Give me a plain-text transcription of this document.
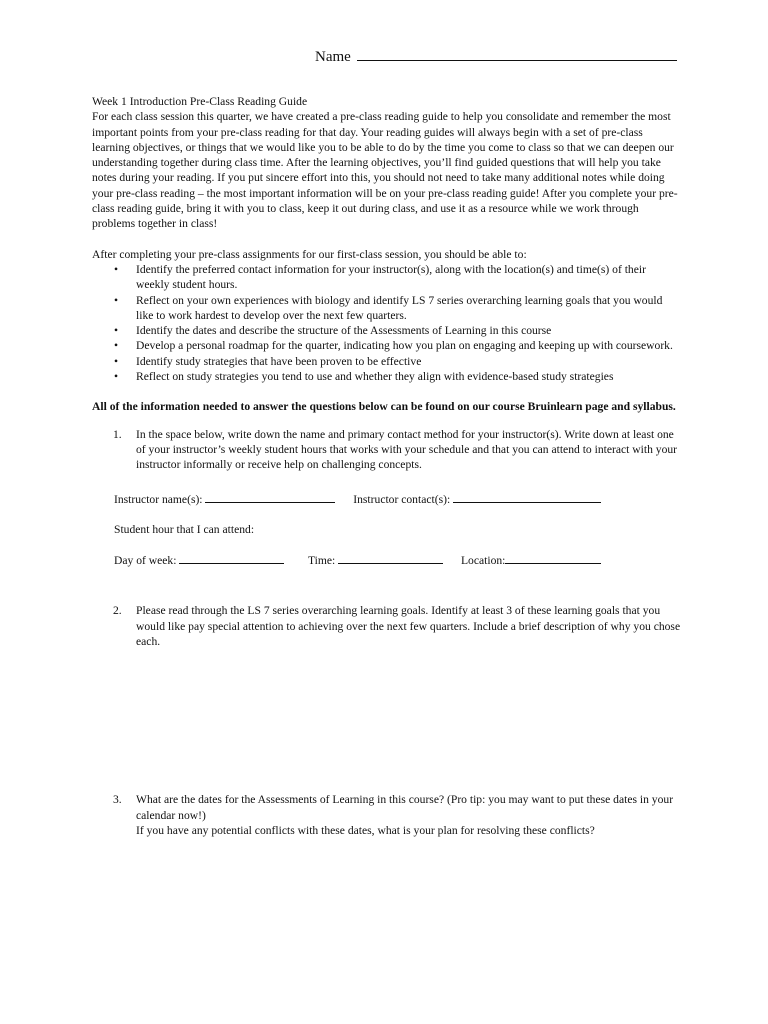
Name

Week 1 Introduction Pre-Class Reading Guide

For each class session this quarter, we have created a pre-class reading guide to help you consolidate and remember the most important points from your pre-class reading for that day. Your reading guides will always begin with a set of pre-class learning objectives, or things that we would like you to be able to do by the time you come to class so that we can deepen our understanding together during class time. After the learning objectives, you’ll find guided questions that will help you take notes during your reading. If you put sincere effort into this, you should not need to take many additional notes while doing your pre-class reading – the most important information will be on your pre-class reading guide! After you complete your pre-class reading guide, bring it with you to class, keep it out during class, and use it as a resource while we work through problems together in class!

After completing your pre-class assignments for our first-class session, you should be able to:

• Identify the preferred contact information for your instructor(s), along with the location(s) and time(s) of their weekly student hours.
• Reflect on your own experiences with biology and identify LS 7 series overarching learning goals that you would like to work hardest to develop over the next few quarters.
• Identify the dates and describe the structure of the Assessments of Learning in this course
• Develop a personal roadmap for the quarter, indicating how you plan on engaging and keeping up with coursework.
• Identify study strategies that have been proven to be effective
• Reflect on study strategies you tend to use and whether they align with evidence-based study strategies

All of the information needed to answer the questions below can be found on our course Bruinlearn page and syllabus.

1. In the space below, write down the name and primary contact method for your instructor(s). Write down at least one of your instructor’s weekly student hours that works with your schedule and that you can attend to interact with your instructor informally or receive help on challenging concepts.
Instructor name(s):	Instructor contact(s):
Student hour that I can attend:
Day of week:	Time:	Location:
2. Please read through the LS 7 series overarching learning goals. Identify at least 3 of these learning goals that you would like pay special attention to achieving over the next few quarters. Include a brief description of why you chose each.
3. What are the dates for the Assessments of Learning in this course? (Pro tip: you may want to put these dates in your calendar now!)
If you have any potential conflicts with these dates, what is your plan for resolving these conflicts?
